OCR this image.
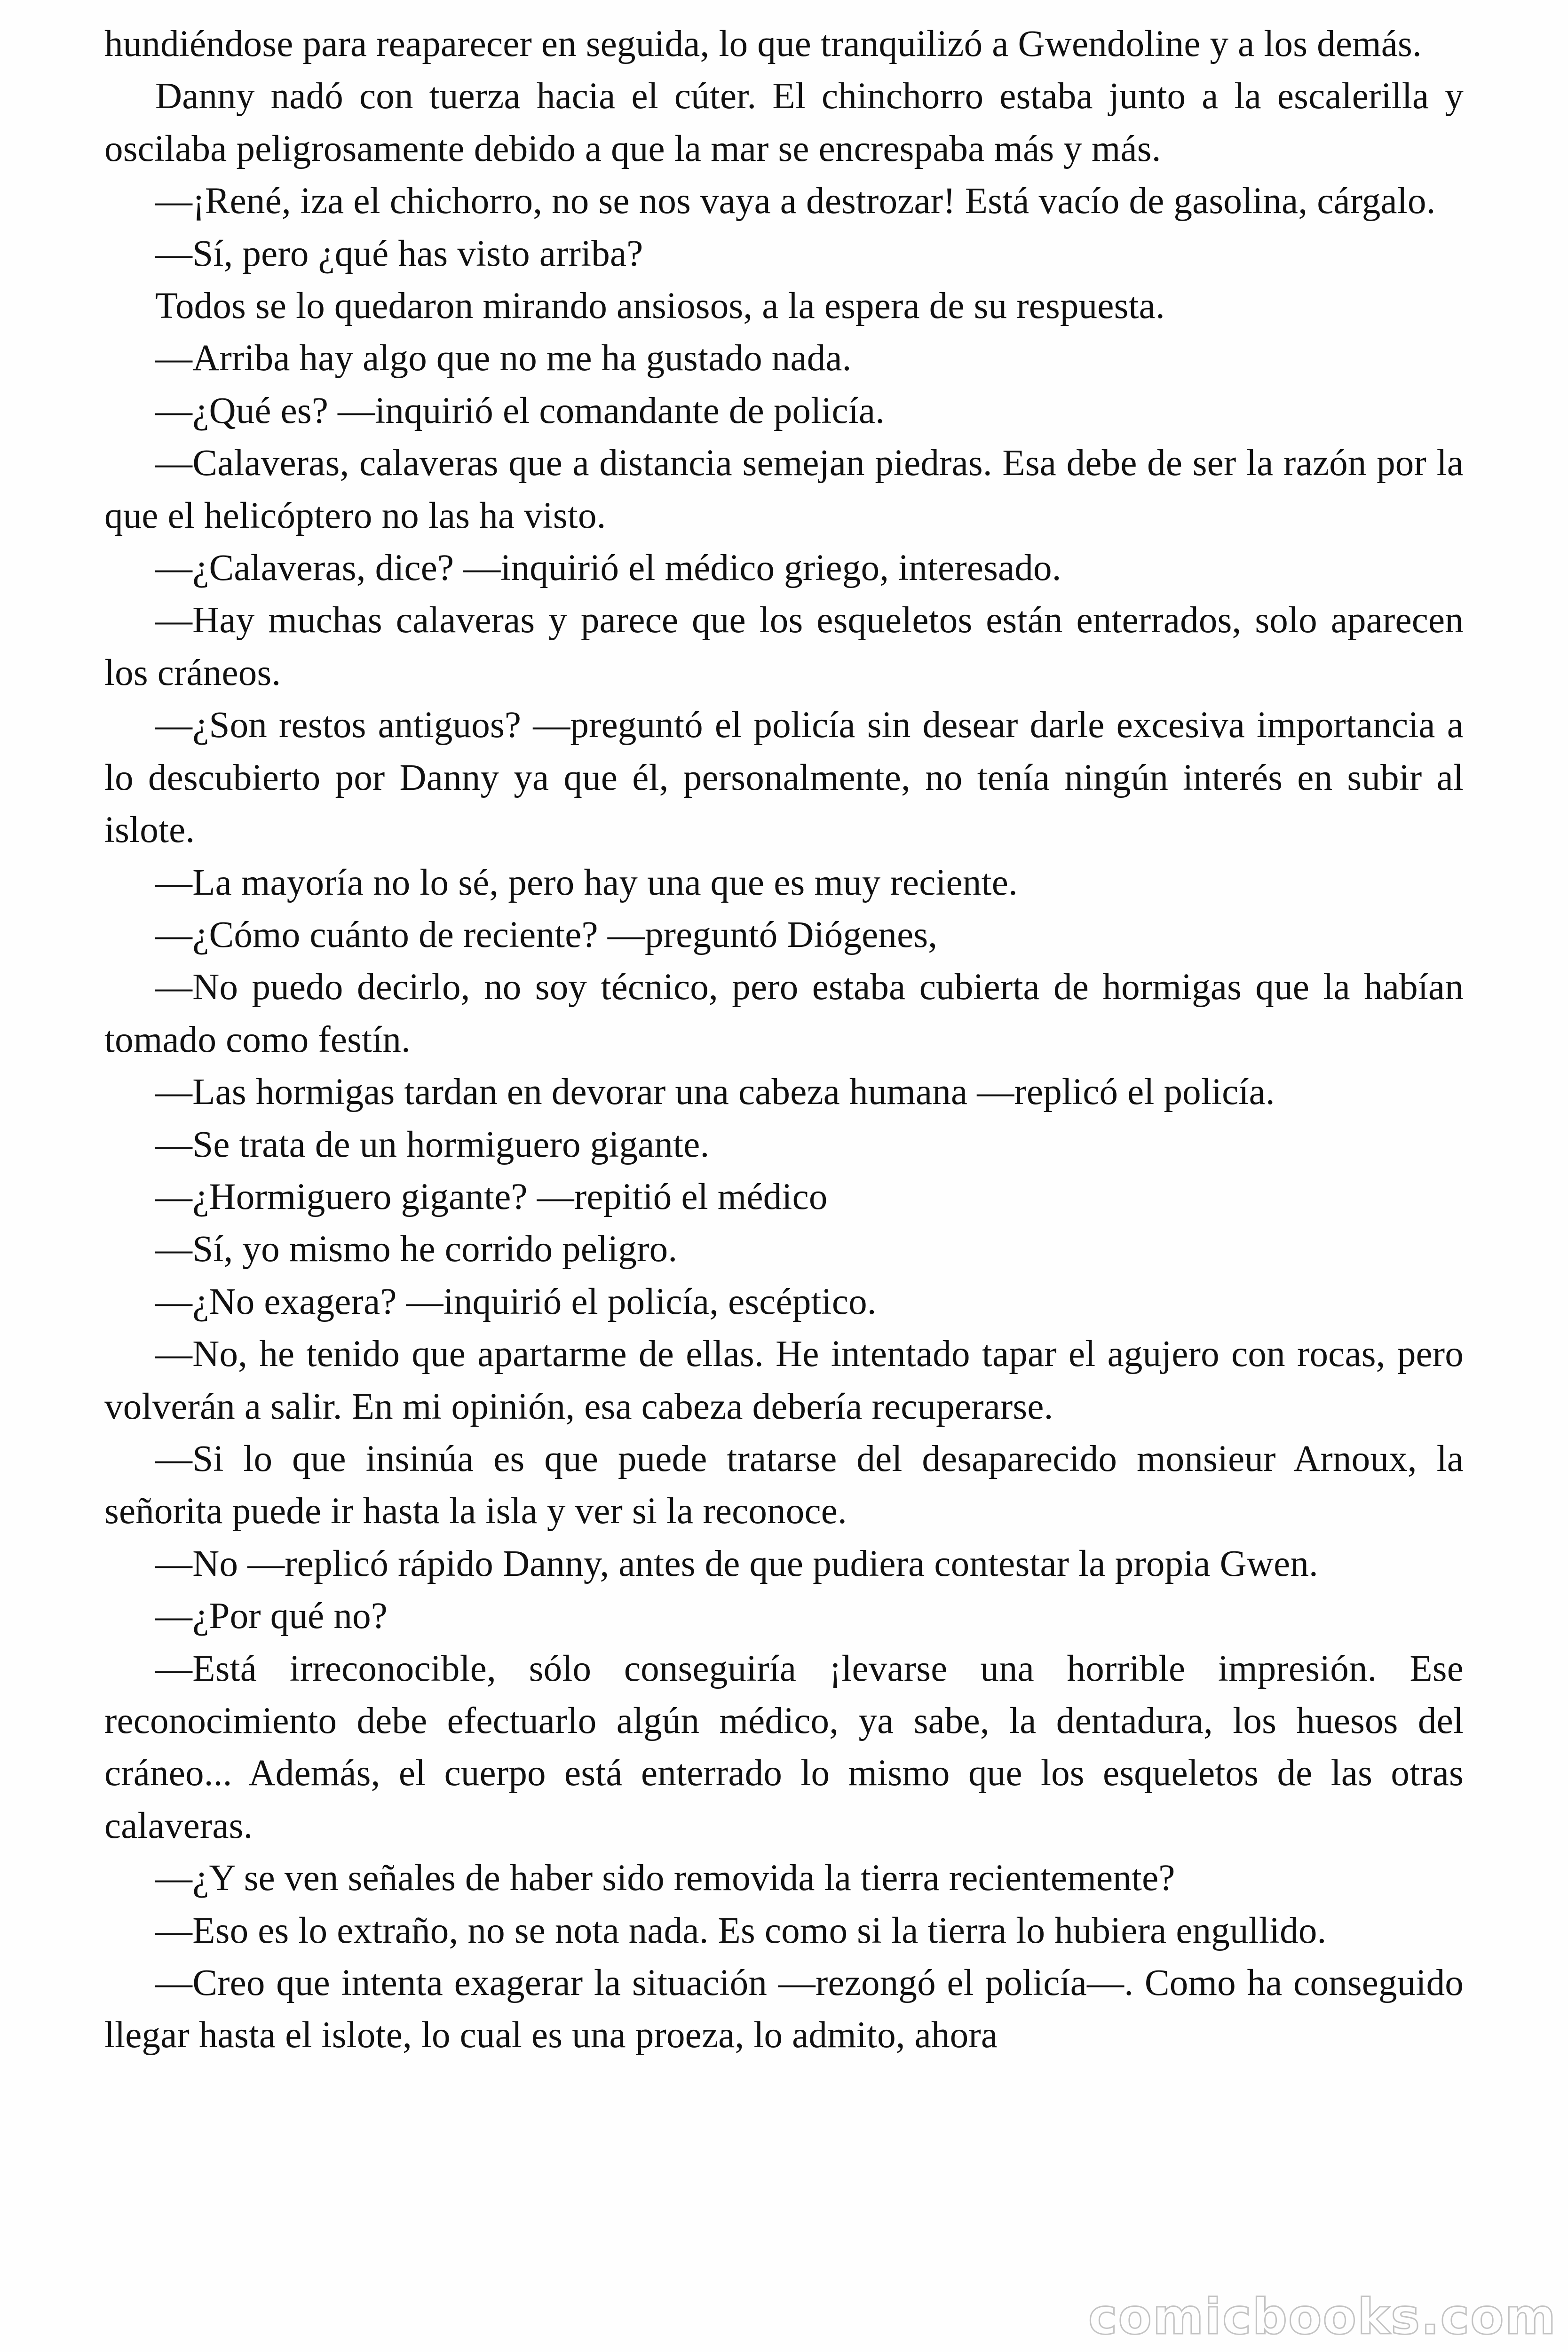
hundiéndose para reaparecer en seguida, lo que tranquilizó a Gwendoline y a los demás.

Danny nadó con tuerza hacia el cúter. El chinchorro estaba junto a la escalerilla y oscilaba peligrosamente debido a que la mar se encrespaba más y más.

—¡René, iza el chichorro, no se nos vaya a destrozar! Está vacío de gasolina, cárgalo.

—Sí, pero ¿qué has visto arriba?

Todos se lo quedaron mirando ansiosos, a la espera de su respuesta.

—Arriba hay algo que no me ha gustado nada.

—¿Qué es? —inquirió el comandante de policía.

—Calaveras, calaveras que a distancia semejan piedras. Esa debe de ser la razón por la que el helicóptero no las ha visto.

—¿Calaveras, dice? —inquirió el médico griego, interesado.

—Hay muchas calaveras y parece que los esqueletos están enterrados, solo aparecen los cráneos.

—¿Son restos antiguos? —preguntó el policía sin desear darle excesiva importancia a lo descubierto por Danny ya que él, personalmente, no tenía ningún interés en subir al islote.

—La mayoría no lo sé, pero hay una que es muy reciente.

—¿Cómo cuánto de reciente? —preguntó Diógenes,

—No puedo decirlo, no soy técnico, pero estaba cubierta de hormigas que la habían tomado como festín.

—Las hormigas tardan en devorar una cabeza humana —replicó el policía.

—Se trata de un hormiguero gigante.

—¿Hormiguero gigante? —repitió el médico

—Sí, yo mismo he corrido peligro.

—¿No exagera? —inquirió el policía, escéptico.

—No, he tenido que apartarme de ellas. He intentado tapar el agujero con rocas, pero volverán a salir. En mi opinión, esa cabeza debería recuperarse.

—Si lo que insinúa es que puede tratarse del desaparecido monsieur Arnoux, la señorita puede ir hasta la isla y ver si la reconoce.

—No —replicó rápido Danny, antes de que pudiera contestar la propia Gwen.

—¿Por qué no?

—Está irreconocible, sólo conseguiría ¡levarse una horrible impresión. Ese reconocimiento debe efectuarlo algún médico, ya sabe, la dentadura, los huesos del cráneo... Además, el cuerpo está enterrado lo mismo que los esqueletos de las otras calaveras.

—¿Y se ven señales de haber sido removida la tierra recientemente?

—Eso es lo extraño, no se nota nada. Es como si la tierra lo hubiera engullido.

—Creo que intenta exagerar la situación —rezongó el policía—. Como ha conseguido llegar hasta el islote, lo cual es una proeza, lo admito, ahora

comicbooks.com
